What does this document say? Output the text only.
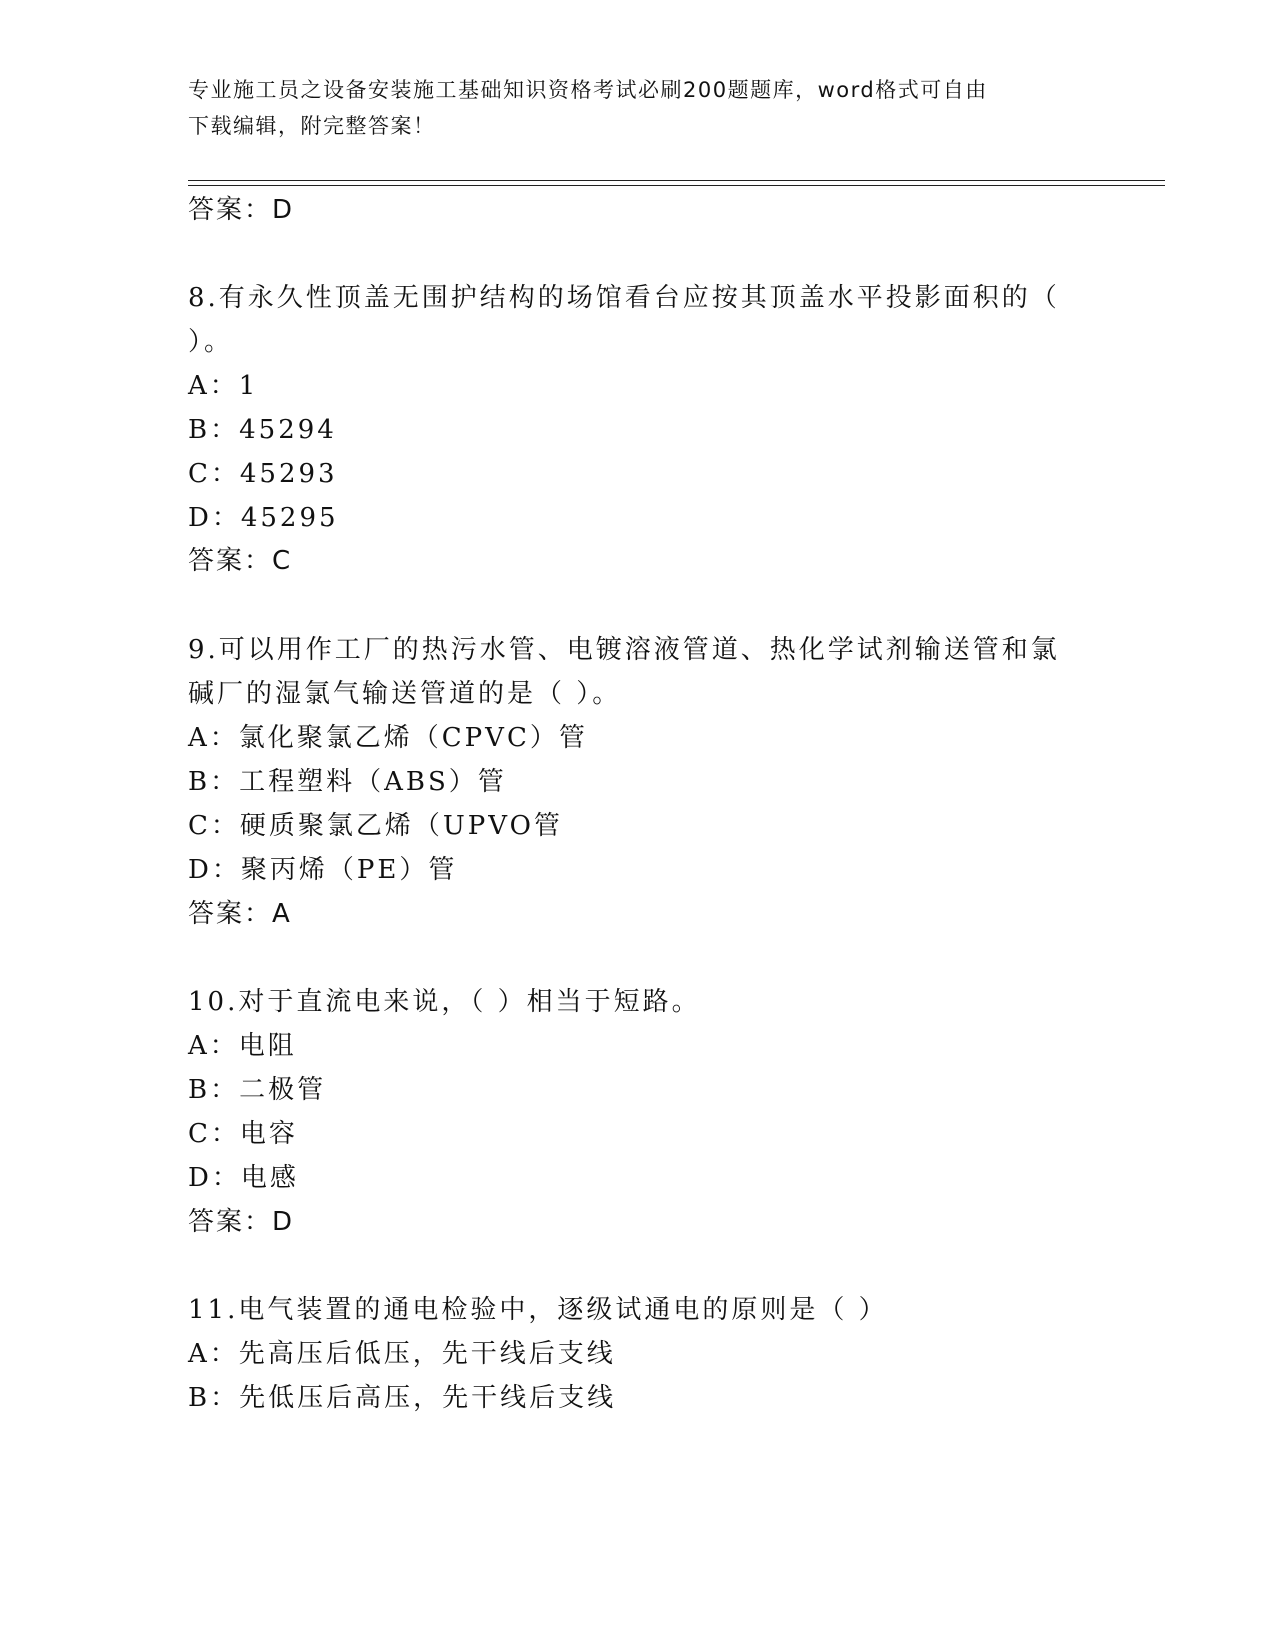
专业施工员之设备安装施工基础知识资格考试必刷200题题库，word格式可自由
下载编辑，附完整答案！
答案：D
8.有永久性顶盖无围护结构的场馆看台应按其顶盖水平投影面积的（
）。
A：1
B：45294
C：45293
D：45295
答案：C
9.可以用作工厂的热污水管、电镀溶液管道、热化学试剂输送管和氯
碱厂的湿氯气输送管道的是（ ）。
A：氯化聚氯乙烯（CPVC）管
B：工程塑料（ABS）管
C：硬质聚氯乙烯（UPVO管
D：聚丙烯（PE）管
答案：A
10.对于直流电来说，（ ）相当于短路。
A：电阻
B：二极管
C：电容
D：电感
答案：D
11.电气装置的通电检验中，逐级试通电的原则是（ ）
A：先高压后低压，先干线后支线
B：先低压后高压，先干线后支线
